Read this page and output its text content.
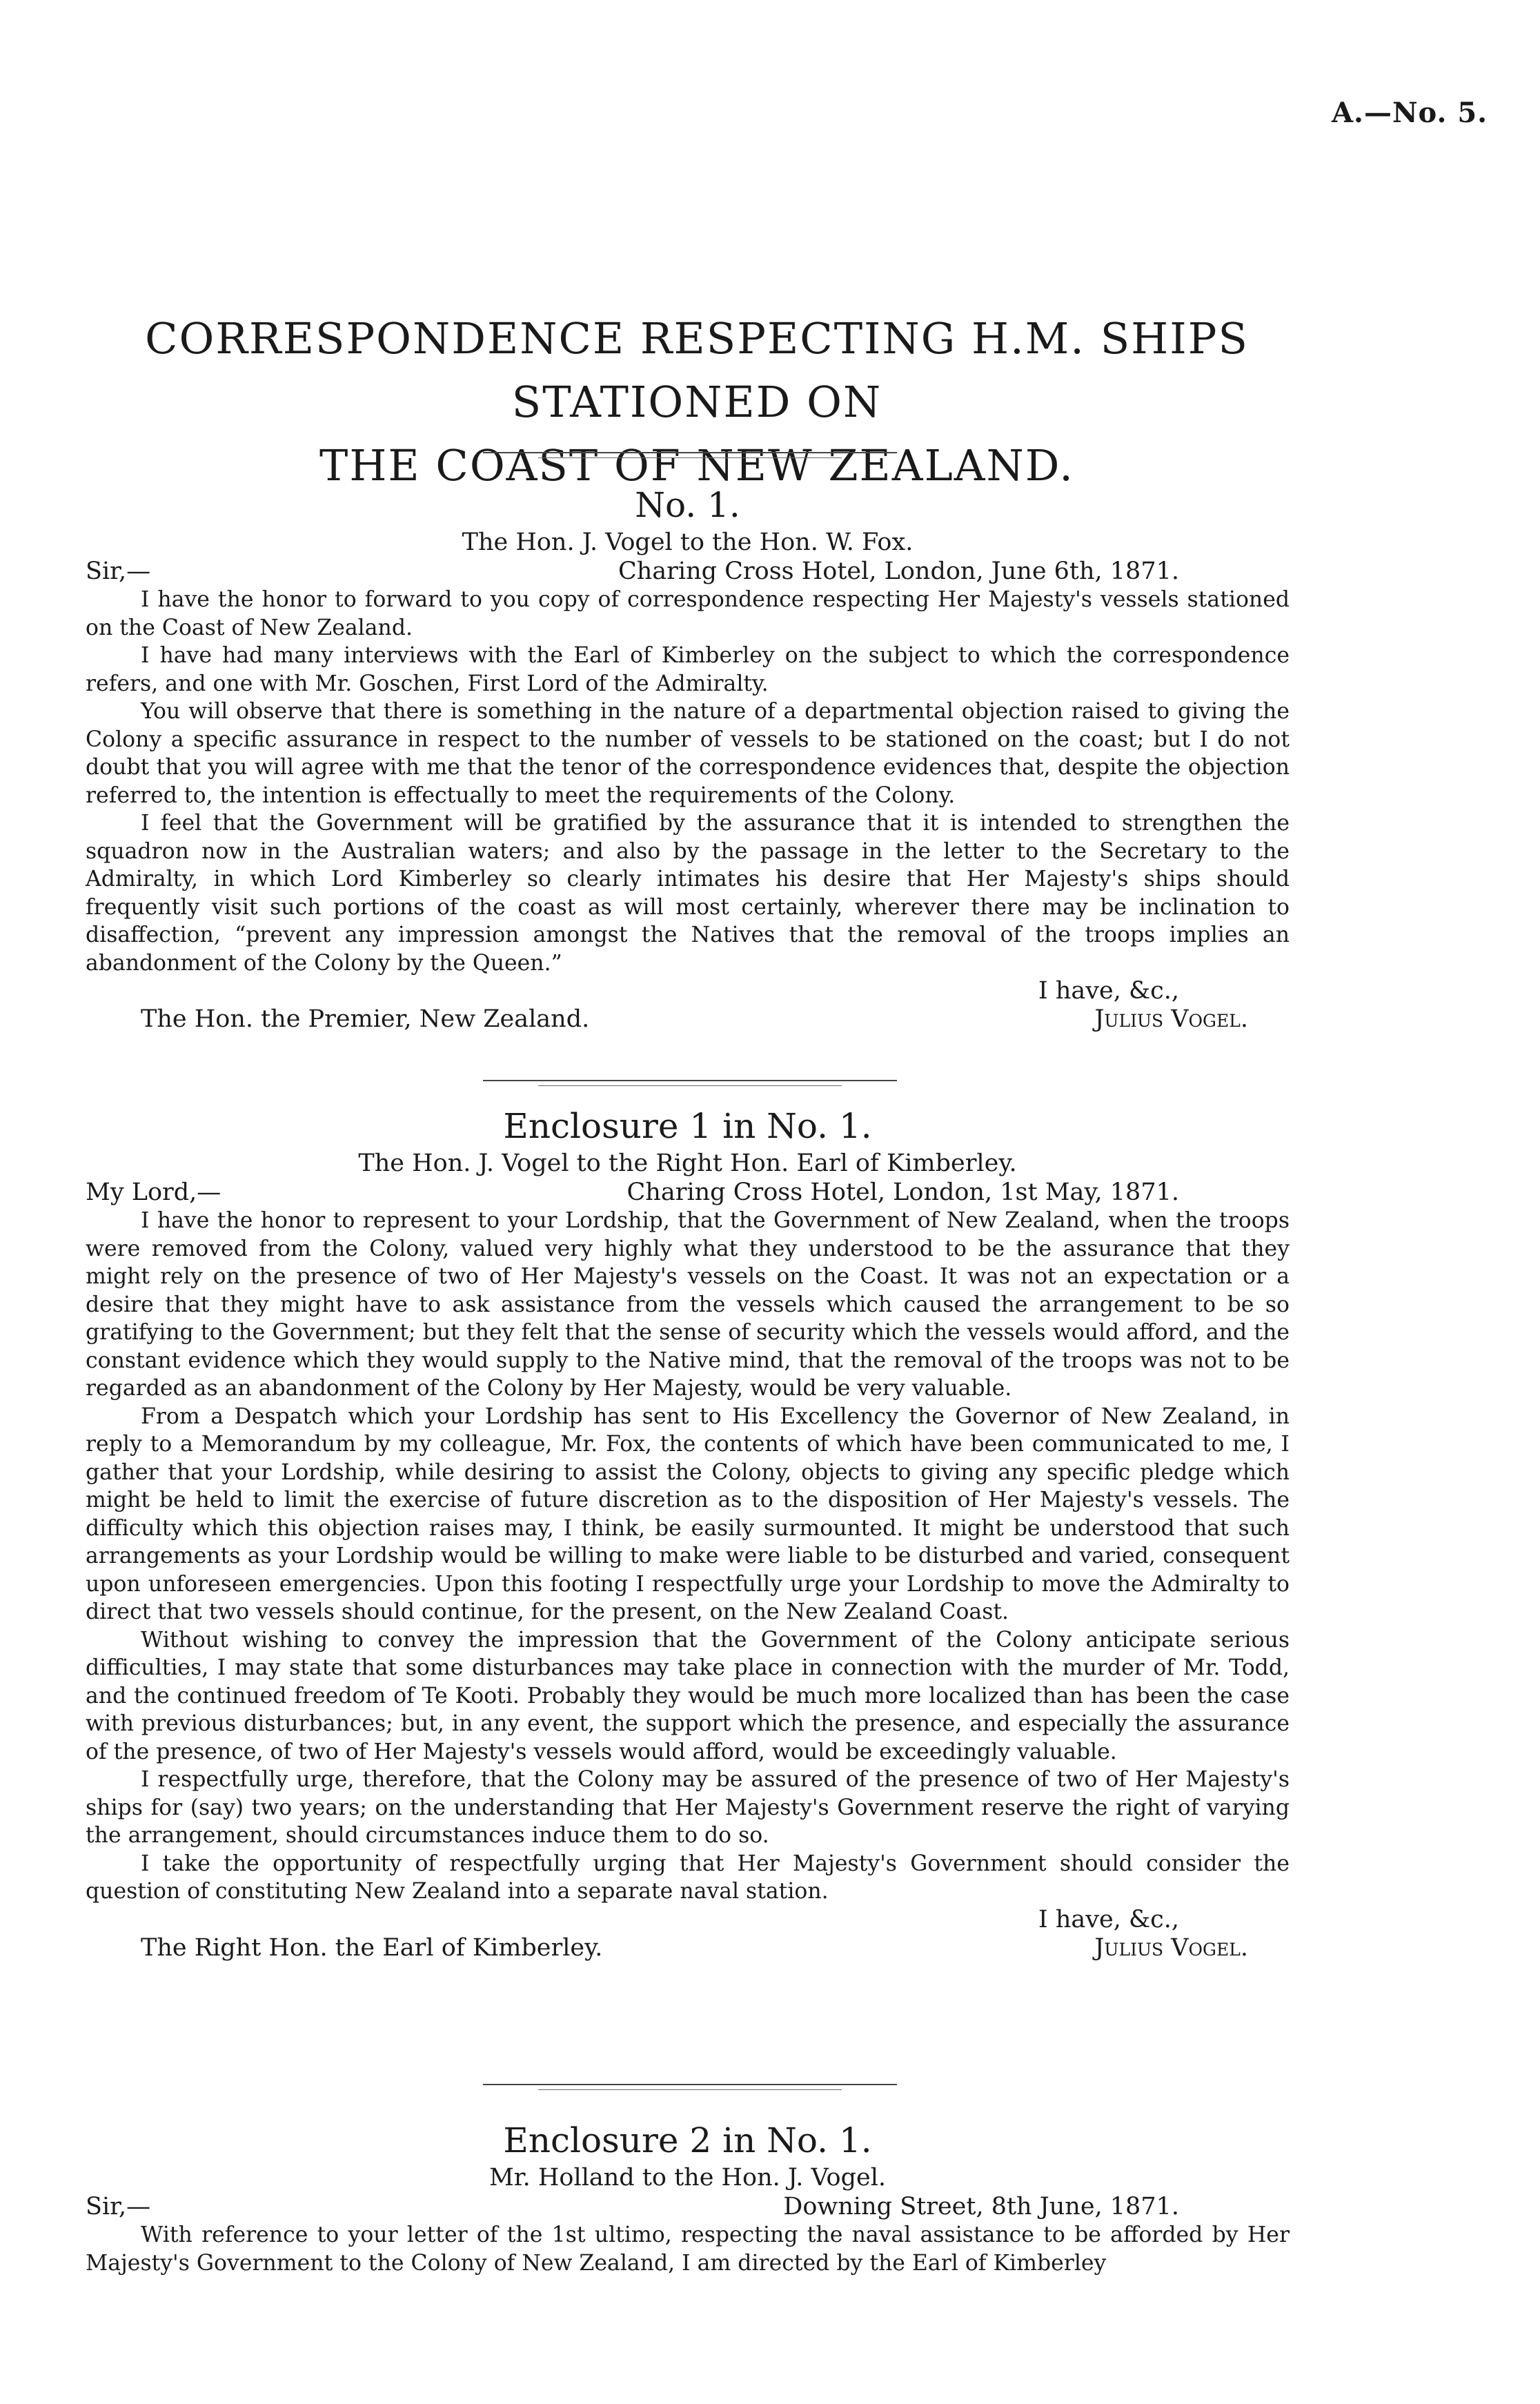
A.—No. 5.
CORRESPONDENCE RESPECTING H.M. SHIPS STATIONED ON
THE COAST OF NEW ZEALAND.
No. 1.
The Hon. J. Vogel to the Hon. W. Fox.
Sir,—	Charing Cross Hotel, London, June 6th, 1871.

I have the honor to forward to you copy of correspondence respecting Her Majesty's vessels stationed on the Coast of New Zealand.

I have had many interviews with the Earl of Kimberley on the subject to which the correspondence refers, and one with Mr. Goschen, First Lord of the Admiralty.

You will observe that there is something in the nature of a departmental objection raised to giving the Colony a specific assurance in respect to the number of vessels to be stationed on the coast; but I do not doubt that you will agree with me that the tenor of the correspondence evidences that, despite the objection referred to, the intention is effectually to meet the requirements of the Colony.

I feel that the Government will be gratified by the assurance that it is intended to strengthen the squadron now in the Australian waters; and also by the passage in the letter to the Secretary to the Admiralty, in which Lord Kimberley so clearly intimates his desire that Her Majesty's ships should frequently visit such portions of the coast as will most certainly, wherever there may be inclination to disaffection, “prevent any impression amongst the Natives that the removal of the troops implies an abandonment of the Colony by the Queen.”

I have, &c.,
The Hon. the Premier, New Zealand.	Julius Vogel.
Enclosure 1 in No. 1.
The Hon. J. Vogel to the Right Hon. Earl of Kimberley.
My Lord,—	Charing Cross Hotel, London, 1st May, 1871.

I have the honor to represent to your Lordship, that the Government of New Zealand, when the troops were removed from the Colony, valued very highly what they understood to be the assurance that they might rely on the presence of two of Her Majesty's vessels on the Coast. It was not an expectation or a desire that they might have to ask assistance from the vessels which caused the arrangement to be so gratifying to the Government; but they felt that the sense of security which the vessels would afford, and the constant evidence which they would supply to the Native mind, that the removal of the troops was not to be regarded as an abandonment of the Colony by Her Majesty, would be very valuable.

From a Despatch which your Lordship has sent to His Excellency the Governor of New Zealand, in reply to a Memorandum by my colleague, Mr. Fox, the contents of which have been communicated to me, I gather that your Lordship, while desiring to assist the Colony, objects to giving any specific pledge which might be held to limit the exercise of future discretion as to the disposition of Her Majesty's vessels. The difficulty which this objection raises may, I think, be easily surmounted. It might be understood that such arrangements as your Lordship would be willing to make were liable to be disturbed and varied, consequent upon unforeseen emergencies. Upon this footing I respectfully urge your Lordship to move the Admiralty to direct that two vessels should continue, for the present, on the New Zealand Coast.

Without wishing to convey the impression that the Government of the Colony anticipate serious difficulties, I may state that some disturbances may take place in connection with the murder of Mr. Todd, and the continued freedom of Te Kooti. Probably they would be much more localized than has been the case with previous disturbances; but, in any event, the support which the presence, and especially the assurance of the presence, of two of Her Majesty's vessels would afford, would be exceedingly valuable.

I respectfully urge, therefore, that the Colony may be assured of the presence of two of Her Majesty's ships for (say) two years; on the understanding that Her Majesty's Government reserve the right of varying the arrangement, should circumstances induce them to do so.

I take the opportunity of respectfully urging that Her Majesty's Government should consider the question of constituting New Zealand into a separate naval station.

I have, &c.,
The Right Hon. the Earl of Kimberley.	Julius Vogel.
Enclosure 2 in No. 1.
Mr. Holland to the Hon. J. Vogel.
Sir,—	Downing Street, 8th June, 1871.

With reference to your letter of the 1st ultimo, respecting the naval assistance to be afforded by Her Majesty's Government to the Colony of New Zealand, I am directed by the Earl of Kimberley
